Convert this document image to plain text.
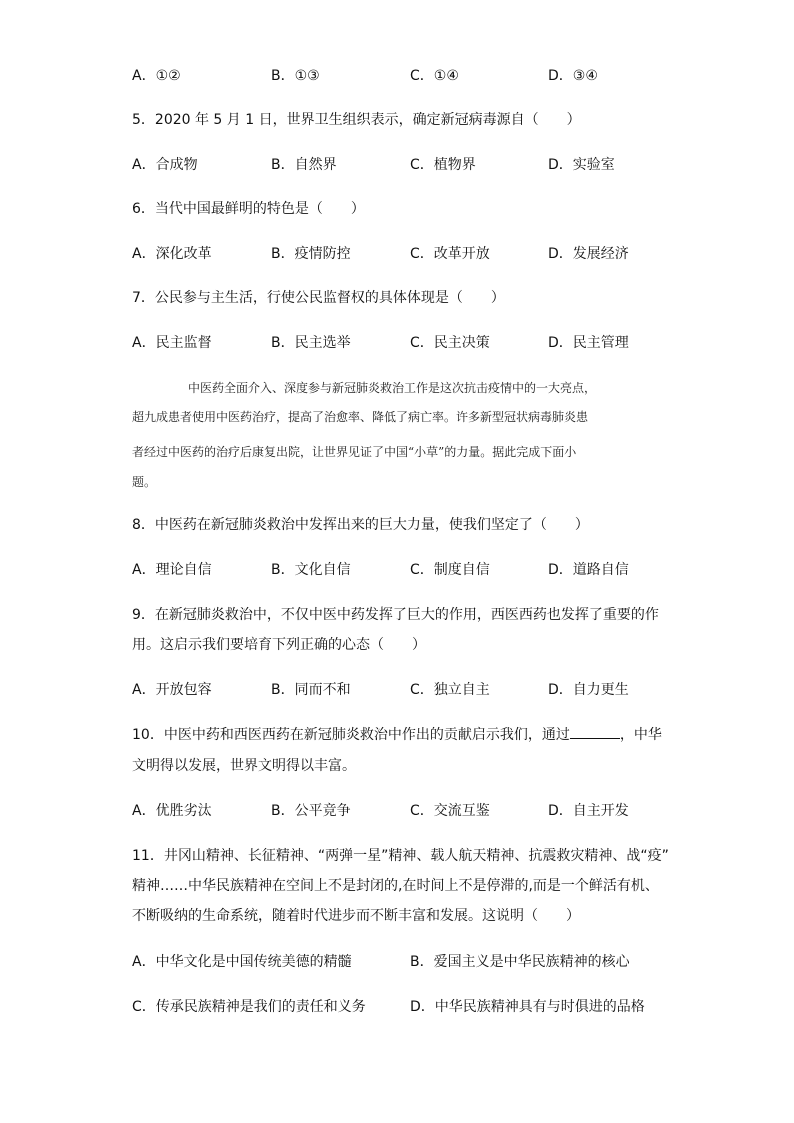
A．①②	B．①③	C．①④	D．③④
5．2020 年 5 月 1 日，世界卫生组织表示，确定新冠病毒源自（　　）
A．合成物	B．自然界	C．植物界	D．实验室
6．当代中国最鲜明的特色是（　　）
A．深化改革	B．疫情防控	C．改革开放	D．发展经济
7．公民参与主生活，行使公民监督权的具体体现是（　　）
A．民主监督	B．民主选举	C．民主决策	D．民主管理
中医药全面介入、深度参与新冠肺炎救治工作是这次抗击疫情中的一大亮点，
超九成患者使用中医药治疗，提高了治愈率、降低了病亡率。许多新型冠状病毒肺炎患
者经过中医药的治疗后康复出院，让世界见证了中国“小草”的力量。据此完成下面小
题。
8．中医药在新冠肺炎救治中发挥出来的巨大力量，使我们坚定了（　　）
A．理论自信	B．文化自信	C．制度自信	D．道路自信
9．在新冠肺炎救治中，不仅中医中药发挥了巨大的作用，西医西药也发挥了重要的作
用。这启示我们要培育下列正确的心态（　　）
A．开放包容	B．同而不和	C．独立自主	D．自力更生
10．中医中药和西医西药在新冠肺炎救治中作出的贡献启示我们，通过	，中华
文明得以发展，世界文明得以丰富。
A．优胜劣汰	B．公平竞争	C．交流互鉴	D．自主开发
11．井冈山精神、长征精神、“两弹一星”精神、载人航天精神、抗震救灾精神、战“疫”
精神……中华民族精神在空间上不是封闭的,在时间上不是停滞的,而是一个鲜活有机、
不断吸纳的生命系统，随着时代进步而不断丰富和发展。这说明（　　）
A．中华文化是中国传统美德的精髓	B．爱国主义是中华民族精神的核心
C．传承民族精神是我们的责任和义务	D．中华民族精神具有与时俱进的品格
